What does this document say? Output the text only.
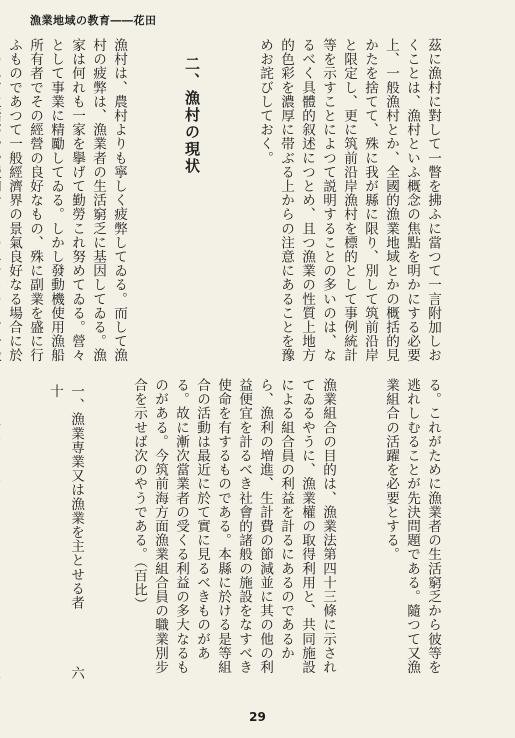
漁業地域の教育――花田

茲に漁村に對して一瞥を拂ふに當つて一言附加しおくことは、漁村といふ概念の焦點を明かにする必要上、一般漁村とか、全國的漁業地域とかの概括的見かたを捨てて、殊に我が縣に限り、別して筑前沿岸と限定し、更に筑前沿岸漁村を標的として事例統計等を示すことによつて説明することの多いのは、なるべく具體的叙述につとめ、且つ漁業の性質上地方的色彩を濃厚に帯ぶる上からの注意にあることを豫めお詫びしておく。

二、漁村の現状

漁村は、農村よりも寧しく疲弊してゐる。而して漁村の疲弊は、漁業者の生活窮乏に基因してゐる。漁家は何れも一家を擧げて勤勞これ努めてゐる。營々として事業に精勵してゐる。しかし發動機使用漁船所有者でその經營の良好なもの、殊に副業を盛に行ふものであつて一般經濟界の景氣良好なる場合に於

る。これがために漁業者の生活窮乏から彼等を逃れしむることが先決問題である。隨つて又漁業組合の活躍を必要とする。

漁業組合の目的は、漁業法第四十三條に示されてゐるやうに、漁業權の取得利用と、共同施設による組合員の利益を計るにあるのであるから、漁利の増進、生計費の節減並に其の他の利益便宜を計るべき社會的諸般の施設をなすべき使命を有するものである。本縣に於ける是等組合の活動は最近に於て實に見るべきものがある。故に漸次當業者の受くる利益の多大なるものがある。今筑前海方面漁業組合員の職業別步合を示せば次のやうである。（百比）

一、漁業専業又は漁業を主とせる者　　　　六十

29
